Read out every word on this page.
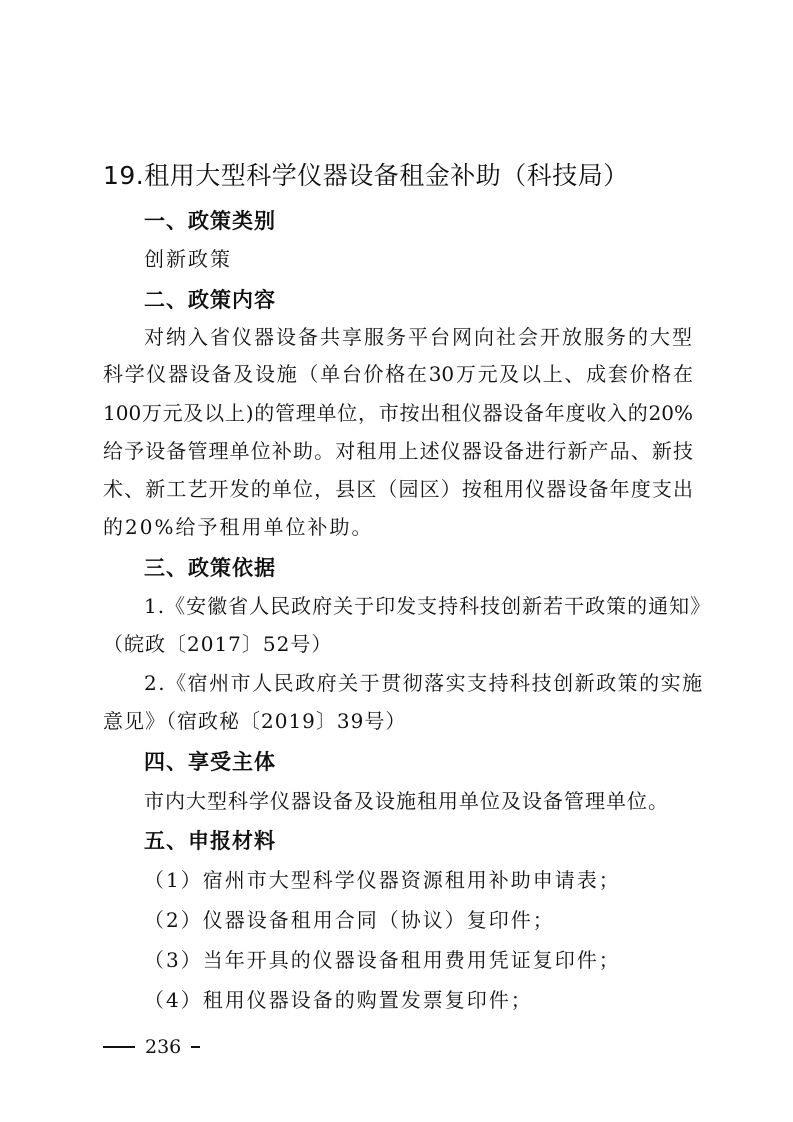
19.租用大型科学仪器设备租金补助（科技局）
一、政策类别
创新政策
二、政策内容
对纳入省仪器设备共享服务平台网向社会开放服务的大型
科学仪器设备及设施（单台价格在30万元及以上、成套价格在
100万元及以上)的管理单位，市按出租仪器设备年度收入的20%
给予设备管理单位补助。对租用上述仪器设备进行新产品、新技
术、新工艺开发的单位，县区（园区）按租用仪器设备年度支出
的20%给予租用单位补助。
三、政策依据
1.《安徽省人民政府关于印发支持科技创新若干政策的通知》
（皖政〔2017〕52号）
2.《宿州市人民政府关于贯彻落实支持科技创新政策的实施
意见》（宿政秘〔2019〕39号）
四、享受主体
市内大型科学仪器设备及设施租用单位及设备管理单位。
五、申报材料
（1）宿州市大型科学仪器资源租用补助申请表；
（2）仪器设备租用合同（协议）复印件；
（3）当年开具的仪器设备租用费用凭证复印件；
（4）租用仪器设备的购置发票复印件；
236
